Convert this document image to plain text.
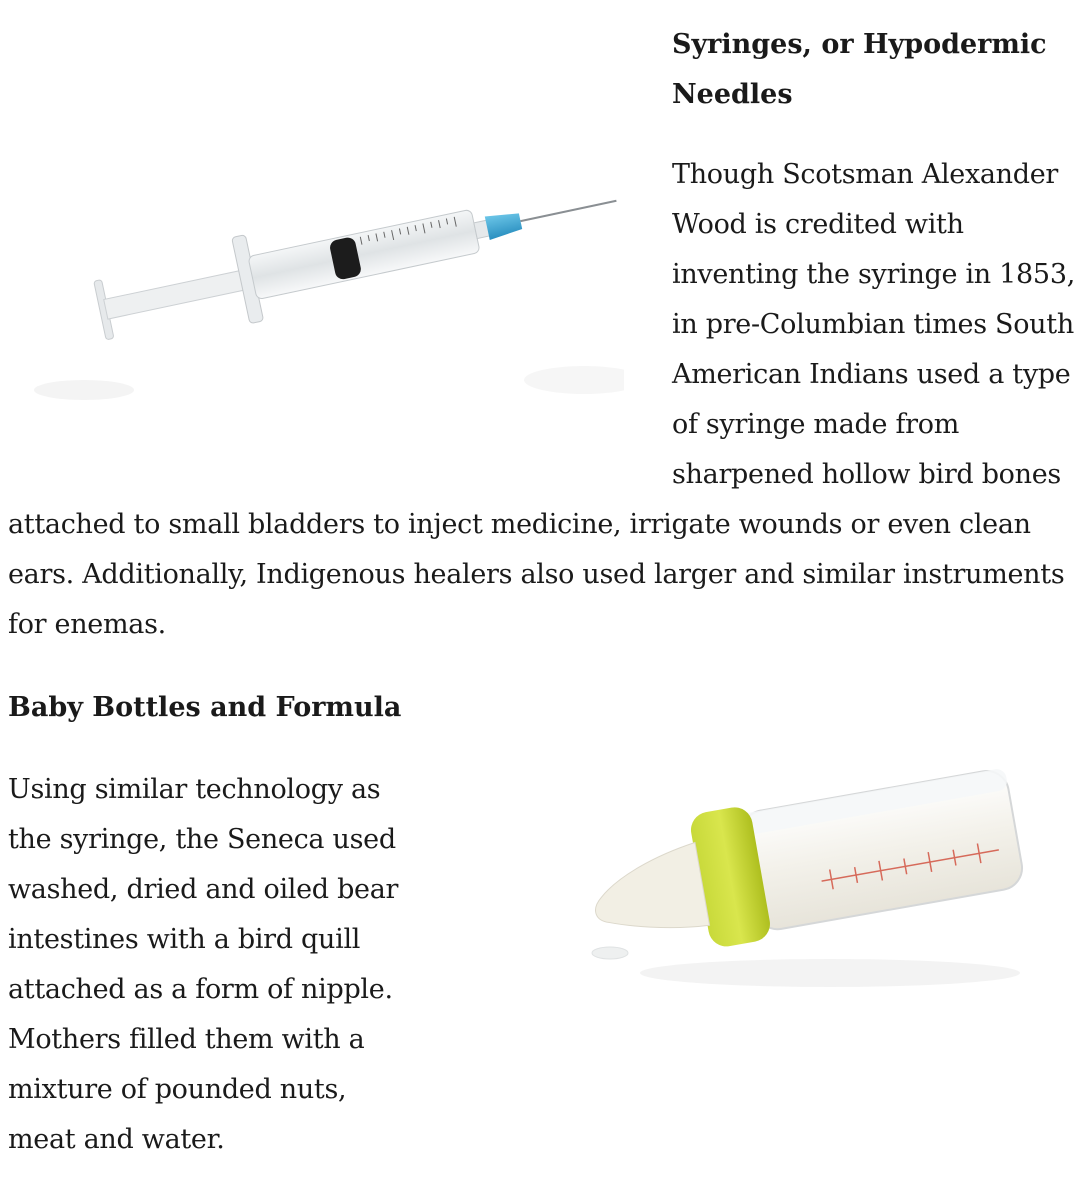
Syringes, or Hypodermic Needles

Though Scotsman Alexander Wood is credited with inventing the syringe in 1853, in pre-Columbian times South American Indians used a type of syringe made from sharpened hollow bird bones

attached to small bladders to inject medicine, irrigate wounds or even clean ears. Additionally, Indigenous healers also used larger and similar instruments for enemas.

Baby Bottles and Formula

Using similar technology as the syringe, the Seneca used washed, dried and oiled bear intestines with a bird quill attached as a form of nipple. Mothers filled them with a mixture of pounded nuts, meat and water.
